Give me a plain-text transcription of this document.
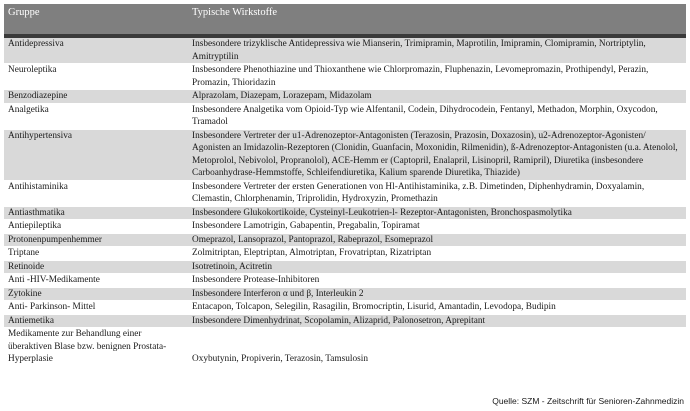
Gruppe	Typische Wirkstoffe

Antidepressiva	Insbesondere trizyklische Antidepressiva wie Mianserin, Trimipramin, Maprotilin, Imipramin, Clomipramin, Nortriptylin, Amitryptilin
Neuroleptika	Insbesondere Phenothiazine und Thioxanthene wie Chlorpromazin, Fluphenazin, Levomepromazin, Prothipendyl, Perazin, Promazin, Thioridazin
Benzodiazepine	Alprazolam, Diazepam, Lorazepam, Midazolam
Analgetika	Insbesondere Analgetika vom Opioid-Typ wie Alfentanil, Codein, Dihydrocodein, Fentanyl, Methadon, Morphin, Oxycodon, Tramadol
Antihypertensiva	Insbesondere Vertreter der u1-Adrenozeptor-Antagonisten (Terazosin, Prazosin, Doxazosin), u2-Adrenozeptor-Agonisten/ Agonisten an Imidazolin-Rezeptoren (Clonidin, Guanfacin, Moxonidin, Rilmenidin), ß-Adrenozeptor-Antagonisten (u.a. Atenolol, Metoprolol, Nebivolol, Propranolol), ACE-Hemm er (Captopril, Enalapril, Lisinopril, Ramipril), Diuretika (insbesondere Carboanhydrase-Hemmstoffe, Schleifendiuretika, Kalium sparende Diuretika, Thiazide)
Antihistaminika	Insbesondere Vertreter der ersten Generationen von Hl-Antihistaminika, z.B. Dimetinden, Diphenhydramin, Doxyalamin, Clemastin, Chlorphenamin, Triprolidin, Hydroxyzin, Promethazin
Antiasthmatika	Insbesondere Glukokortikoide, Cysteinyl-Leukotrien-l- Rezeptor-Antagonisten, Bronchospasmolytika
Antiepileptika	Insbesondere Lamotrigin, Gabapentin, Pregabalin, Topiramat
Protonenpumpenhemmer	Omeprazol, Lansoprazol, Pantoprazol, Rabeprazol, Esomeprazol
Triptane	Zolmitriptan, Eleptriptan, Almotriptan, Frovatriptan, Rizatriptan
Retinoide	Isotretinoin, Acitretin
Anti -HIV-Medikamente	Insbesondere Protease-Inhibitoren
Zytokine	Insbesondere Interferon α und β, Interleukin 2
Anti- Parkinson- Mittel	Entacapon, Tolcapon, Selegilin, Rasagilin, Bromocriptin, Lisurid, Amantadin, Levodopa, Budipin
Antiemetika	Insbesondere Dimenhydrinat, Scopolamin, Alizaprid, Palonosetron, Aprepitant
Medikamente zur Behandlung einer überaktiven Blase bzw. benignen Prostata-Hyperplasie	Oxybutynin, Propiverin, Terazosin, Tamsulosin
Quelle: SZM - Zeitschrift für Senioren-Zahnmedizin
